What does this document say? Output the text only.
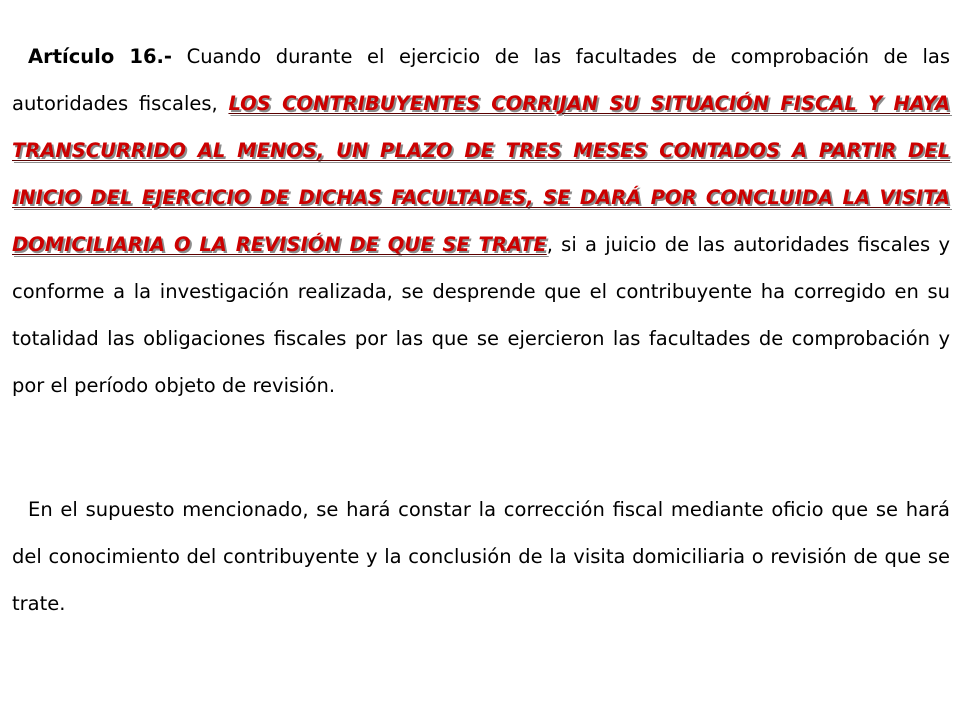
Artículo 16.- Cuando durante el ejercicio de las facultades de comprobación de las autoridades fiscales, LOS CONTRIBUYENTES CORRIJAN SU SITUACIÓN FISCAL Y HAYA TRANSCURRIDO AL MENOS, UN PLAZO DE TRES MESES CONTADOS A PARTIR DEL INICIO DEL EJERCICIO DE DICHAS FACULTADES, SE DARÁ POR CONCLUIDA LA VISITA DOMICILIARIA O LA REVISIÓN DE QUE SE TRATE, si a juicio de las autoridades fiscales y conforme a la investigación realizada, se desprende que el contribuyente ha corregido en su totalidad las obligaciones fiscales por las que se ejercieron las facultades de comprobación y por el período objeto de revisión.

En el supuesto mencionado, se hará constar la corrección fiscal mediante oficio que se hará del conocimiento del contribuyente y la conclusión de la visita domiciliaria o revisión de que se trate.
